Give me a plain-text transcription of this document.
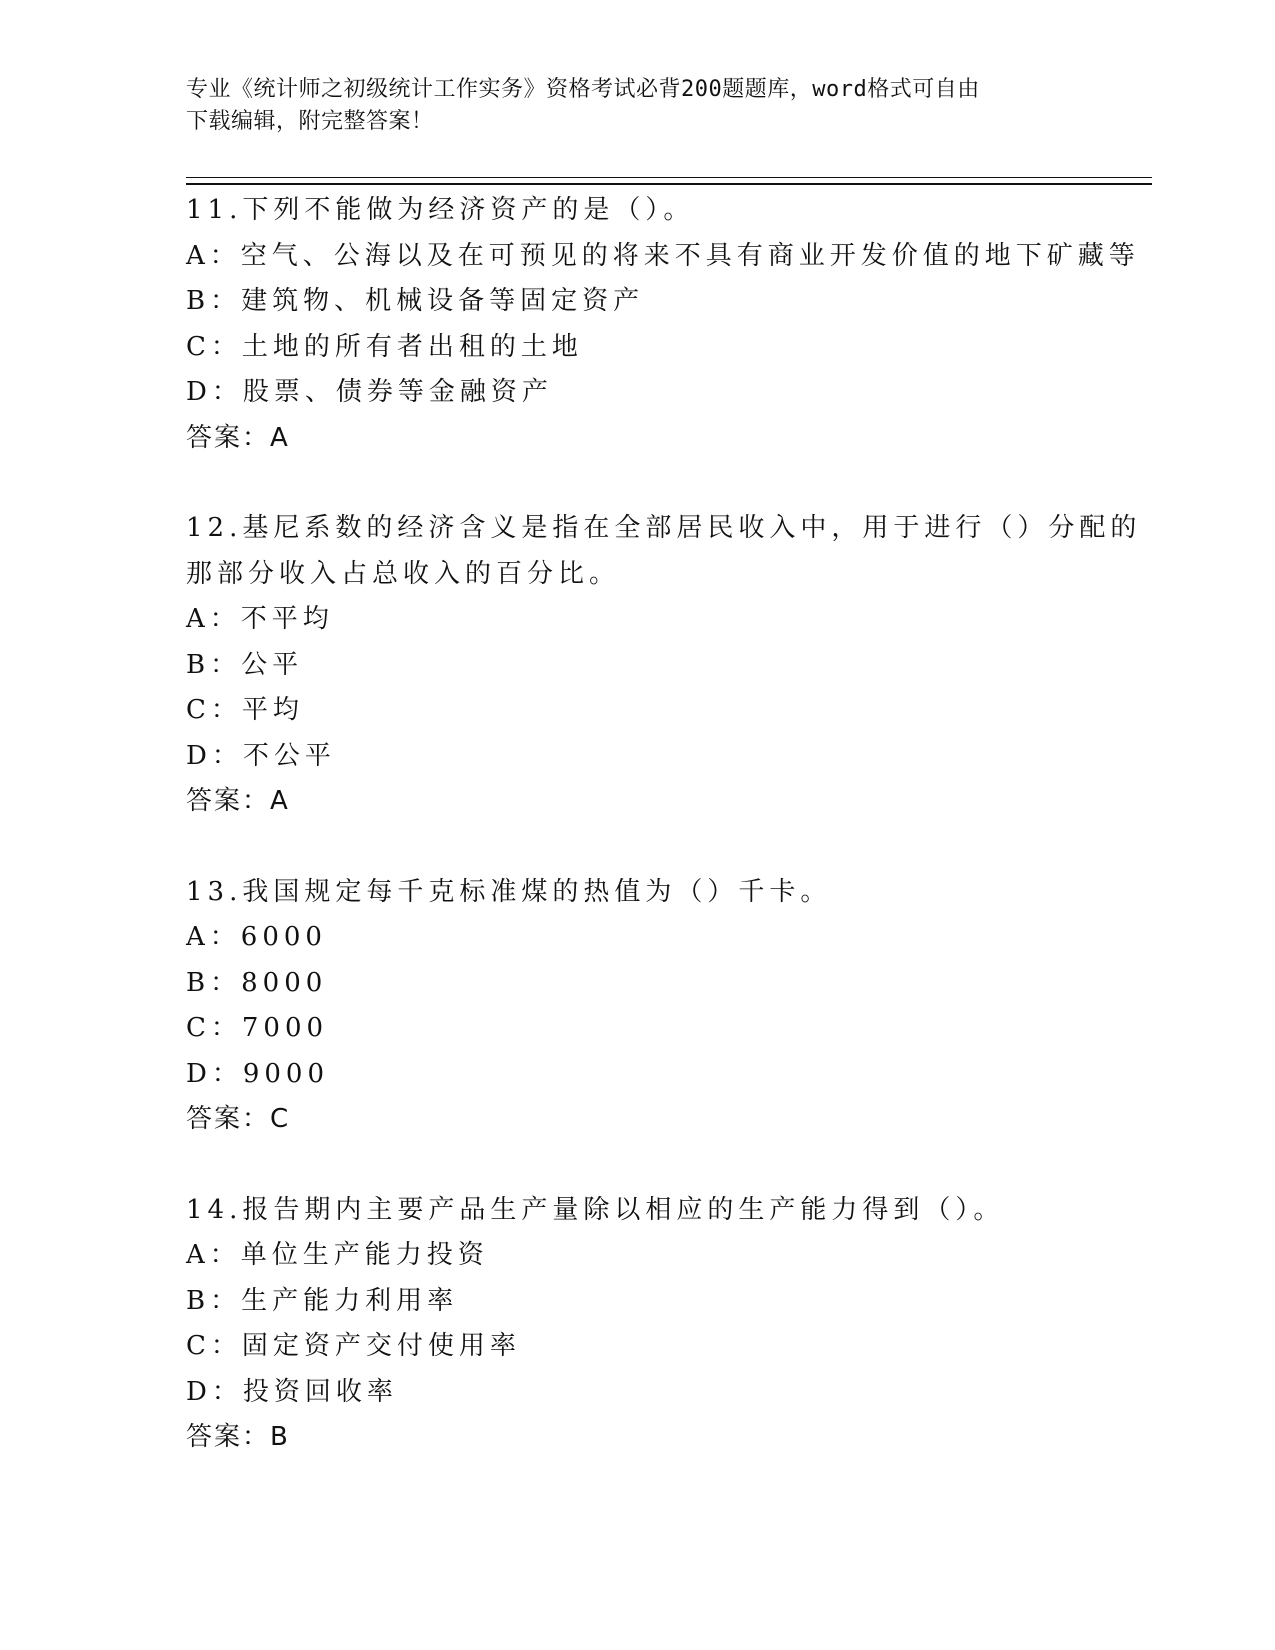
专业《统计师之初级统计工作实务》资格考试必背200题题库，word格式可自由
下载编辑，附完整答案！
11.下列不能做为经济资产的是（）。
A：空气、公海以及在可预见的将来不具有商业开发价值的地下矿藏等
B：建筑物、机械设备等固定资产
C：土地的所有者出租的土地
D：股票、债券等金融资产
答案：A
12.基尼系数的经济含义是指在全部居民收入中，用于进行（）分配的
那部分收入占总收入的百分比。
A：不平均
B：公平
C：平均
D：不公平
答案：A
13.我国规定每千克标准煤的热值为（）千卡。
A：6000
B：8000
C：7000
D：9000
答案：C
14.报告期内主要产品生产量除以相应的生产能力得到（）。
A：单位生产能力投资
B：生产能力利用率
C：固定资产交付使用率
D：投资回收率
答案：B
